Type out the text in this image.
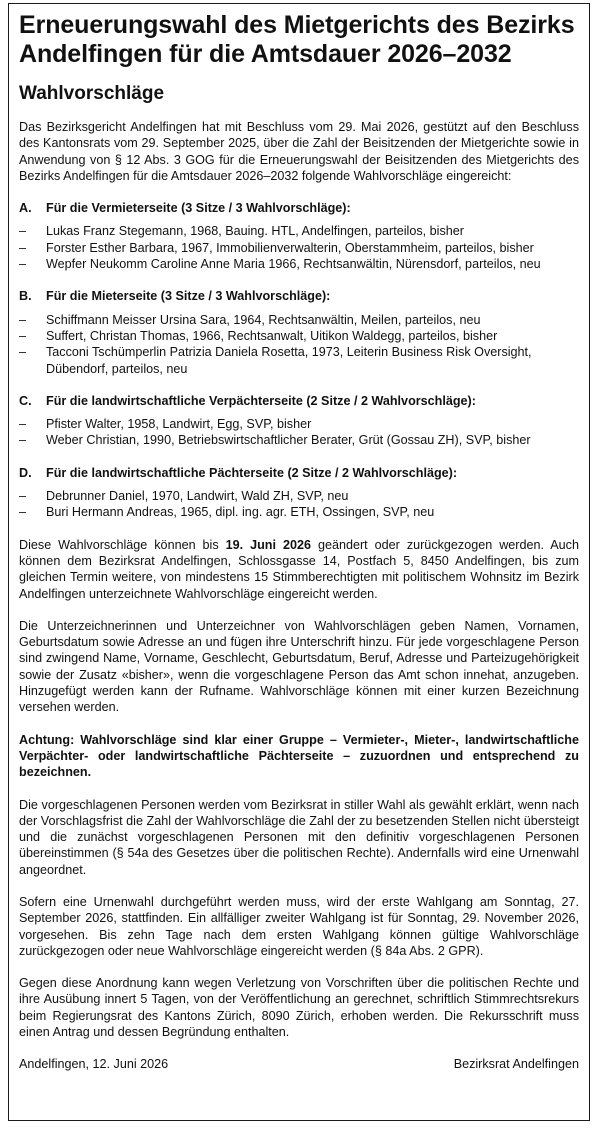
Erneuerungswahl des Mietgerichts des Bezirks Andelfingen für die Amtsdauer 2026–2032
Wahlvorschläge

Das Bezirksgericht Andelfingen hat mit Beschluss vom 29. Mai 2026, gestützt auf den Beschluss des Kantonsrats vom 29. September 2025, über die Zahl der Beisitzenden der Mietgerichte sowie in Anwendung von § 12 Abs. 3 GOG für die Erneuerungswahl der Beisitzenden des Mietgerichts des Bezirks Andelfingen für die Amtsdauer 2026–2032 folgende Wahlvorschläge eingereicht:

A.	Für die Vermieterseite (3 Sitze / 3 Wahlvorschläge):
–	Lukas Franz Stegemann, 1968, Bauing. HTL, Andelfingen, parteilos, bisher
–	Forster Esther Barbara, 1967, Immobilienverwalterin, Oberstammheim, parteilos, bisher
–	Wepfer Neukomm Caroline Anne Maria 1966, Rechtsanwältin, Nürensdorf, parteilos, neu
B.	Für die Mieterseite (3 Sitze / 3 Wahlvorschläge):
–	Schiffmann Meisser Ursina Sara, 1964, Rechtsanwältin, Meilen, parteilos, neu
–	Suffert, Christan Thomas, 1966, Rechtsanwalt, Uitikon Waldegg, parteilos, bisher
–	Tacconi Tschümperlin Patrizia Daniela Rosetta, 1973, Leiterin Business Risk Oversight, Dübendorf, parteilos, neu
C.	Für die landwirtschaftliche Verpächterseite (2 Sitze / 2 Wahlvorschläge):
–	Pfister Walter, 1958, Landwirt, Egg, SVP, bisher
–	Weber Christian, 1990, Betriebswirtschaftlicher Berater, Grüt (Gossau ZH), SVP, bisher
D.	Für die landwirtschaftliche Pächterseite (2 Sitze / 2 Wahlvorschläge):
–	Debrunner Daniel, 1970, Landwirt, Wald ZH, SVP, neu
–	Buri Hermann Andreas, 1965, dipl. ing. agr. ETH, Ossingen, SVP, neu

Diese Wahlvorschläge können bis 19. Juni 2026 geändert oder zurückgezogen werden. Auch können dem Bezirksrat Andelfingen, Schlossgasse 14, Postfach 5, 8450 Andelfingen, bis zum gleichen Termin weitere, von mindestens 15 Stimmberechtigten mit politischem Wohnsitz im Bezirk Andelfingen unterzeichnete Wahlvorschläge eingereicht werden.

Die Unterzeichnerinnen und Unterzeichner von Wahlvorschlägen geben Namen, Vornamen, Geburtsdatum sowie Adresse an und fügen ihre Unterschrift hinzu. Für jede vorgeschlagene Person sind zwingend Name, Vorname, Geschlecht, Geburtsdatum, Beruf, Adresse und Parteizugehörigkeit sowie der Zusatz «bisher», wenn die vorgeschlagene Person das Amt schon innehat, anzugeben. Hinzugefügt werden kann der Rufname. Wahlvorschläge können mit einer kurzen Bezeichnung versehen werden.

Achtung: Wahlvorschläge sind klar einer Gruppe – Vermieter-, Mieter-, landwirtschaftliche Verpächter- oder landwirtschaftliche Pächterseite – zuzuordnen und entsprechend zu bezeichnen.

Die vorgeschlagenen Personen werden vom Bezirksrat in stiller Wahl als gewählt erklärt, wenn nach der Vorschlagsfrist die Zahl der Wahlvorschläge die Zahl der zu besetzenden Stellen nicht übersteigt und die zunächst vorgeschlagenen Personen mit den definitiv vorgeschlagenen Personen übereinstimmen (§ 54a des Gesetzes über die politischen Rechte). Andernfalls wird eine Urnenwahl angeordnet.

Sofern eine Urnenwahl durchgeführt werden muss, wird der erste Wahlgang am Sonntag, 27. September 2026, stattfinden. Ein allfälliger zweiter Wahlgang ist für Sonntag, 29. November 2026, vorgesehen. Bis zehn Tage nach dem ersten Wahlgang können gültige Wahlvorschläge zurückgezogen oder neue Wahlvorschläge eingereicht werden (§ 84a Abs. 2 GPR).

Gegen diese Anordnung kann wegen Verletzung von Vorschriften über die politischen Rechte und ihre Ausübung innert 5 Tagen, von der Veröffentlichung an gerechnet, schriftlich Stimmrechtsrekurs beim Regierungsrat des Kantons Zürich, 8090 Zürich, erhoben werden. Die Rekursschrift muss einen Antrag und dessen Begründung enthalten.

Andelfingen, 12. Juni 2026	Bezirksrat Andelfingen
